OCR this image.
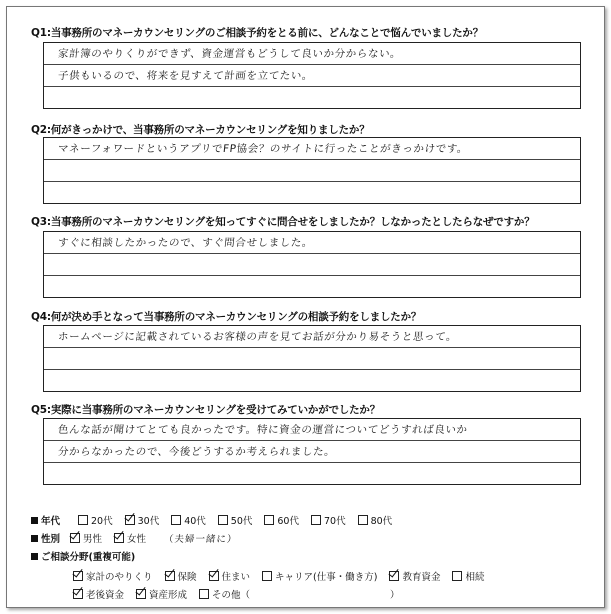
Q1:当事務所のマネーカウンセリングのご相談予約をとる前に、どんなことで悩んでいましたか？
家計簿のやりくりができず、資金運営もどうして良いか分からない。
子供もいるので、将来を見すえて計画を立てたい。
Q2:何がきっかけで、当事務所のマネーカウンセリングを知りましたか？
マネーフォワードというアプリでFP協会？のサイトに行ったことがきっかけです。
Q3:当事務所のマネーカウンセリングを知ってすぐに問合せをしましたか？しなかったとしたらなぜですか？
すぐに相談したかったので、すぐ問合せしました。
Q4:何が決め手となって当事務所のマネーカウンセリングの相談予約をしましたか？
ホームページに記載されているお客様の声を見てお話が分かり易そうと思って。
Q5:実際に当事務所のマネーカウンセリングを受けてみていかがでしたか？
色んな話が聞けてとても良かったです。特に資金の運営についてどうすれば良いか
分からなかったので、今後どうするか考えられました。
年代	20代	30代	40代	50代	60代	70代	80代
性別 男性	女性 （夫婦一緒に）
ご相談分野(重複可能)
家計のやりくり	保険	住まい	キャリア(仕事・働き方)	教育資金	相続
老後資金	資産形成	その他（	）
